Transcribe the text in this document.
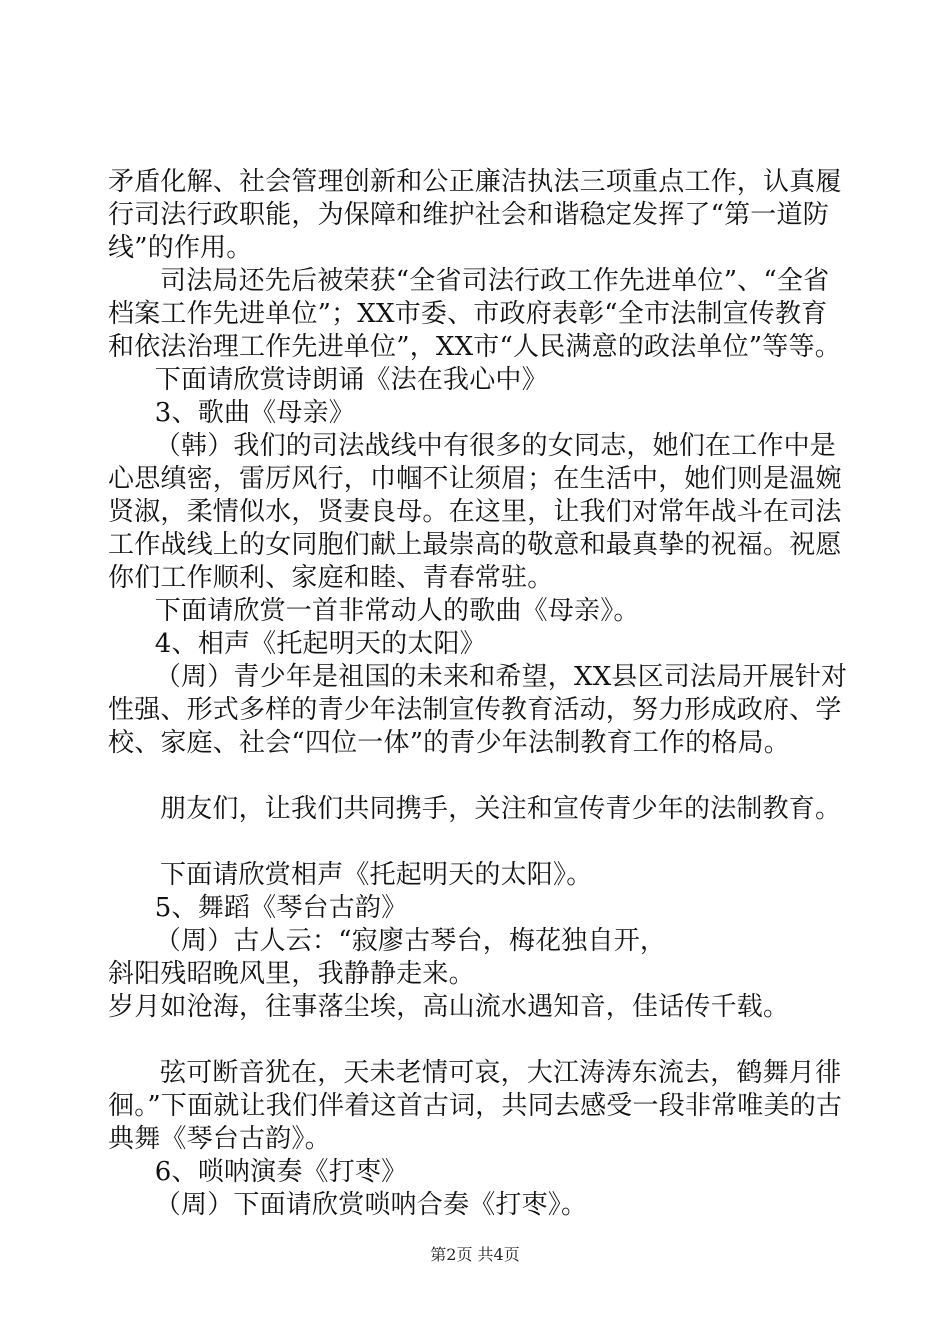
矛盾化解、社会管理创新和公正廉洁执法三项重点工作，认真履行司法行政职能，为保障和维护社会和谐稳定发挥了“第一道防线”的作用。

司法局还先后被荣获“全省司法行政工作先进单位”、“全省档案工作先进单位”；XX市委、市政府表彰“全市法制宣传教育和依法治理工作先进单位”，XX市“人民满意的政法单位”等等。

下面请欣赏诗朗诵《法在我心中》

3、歌曲《母亲》

（韩）我们的司法战线中有很多的女同志，她们在工作中是心思缜密，雷厉风行，巾帼不让须眉；在生活中，她们则是温婉贤淑，柔情似水，贤妻良母。在这里，让我们对常年战斗在司法工作战线上的女同胞们献上最崇高的敬意和最真挚的祝福。祝愿你们工作顺利、家庭和睦、青春常驻。

下面请欣赏一首非常动人的歌曲《母亲》。

4、相声《托起明天的太阳》

（周）青少年是祖国的未来和希望，XX县区司法局开展针对性强、形式多样的青少年法制宣传教育活动，努力形成政府、学校、家庭、社会“四位一体”的青少年法制教育工作的格局。

朋友们，让我们共同携手，关注和宣传青少年的法制教育。

下面请欣赏相声《托起明天的太阳》。

5、舞蹈《琴台古韵》

（周）古人云：“寂廖古琴台，梅花独自开，

斜阳残昭晚风里，我静静走来。

岁月如沧海，往事落尘埃，高山流水遇知音，佳话传千载。

弦可断音犹在，天未老情可哀，大江涛涛东流去，鹤舞月徘徊。”下面就让我们伴着这首古词，共同去感受一段非常唯美的古典舞《琴台古韵》。

6、唢呐演奏《打枣》

（周）下面请欣赏唢呐合奏《打枣》。

第2页 共4页
